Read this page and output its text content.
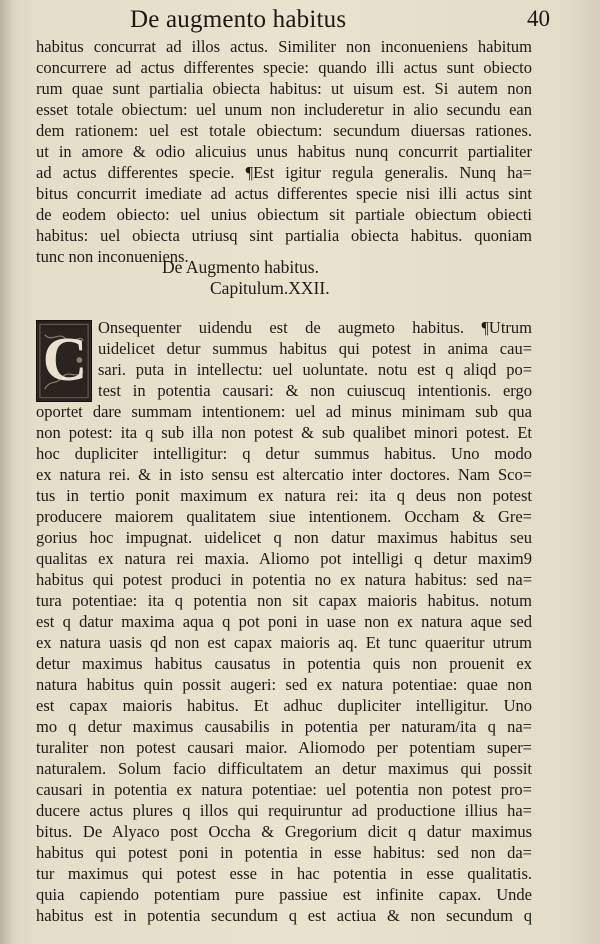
De augmento habitus	40
habitus concurrat ad illos actus. Similiter non inconueniens habitum
concurrere ad actus differentes specie: quando illi actus sunt obiecto
rum quae sunt partialia obiecta habitus: ut uisum est. Si autem non
esset totale obiectum: uel unum non includeretur in alio secundu ean
dem rationem: uel est totale obiectum: secundum diuersas rationes.
ut in amore & odio alicuius unus habitus nunq concurrit partialiter
ad actus differentes specie. ¶Est igitur regula generalis. Nunq ha=
bitus concurrit imediate ad actus differentes specie nisi illi actus sint
de eodem obiecto: uel unius obiectum sit partiale obiectum obiecti
habitus: uel obiecta utriusq sint partialia obiecta habitus. quoniam
tunc non inconueniens.
De Augmento habitus.
Capitulum.XXII.
C Onsequenter uidendu est de augmeto habitus. ¶Utrum
uidelicet detur summus habitus qui potest in anima cau=
sari. puta in intellectu: uel uoluntate. notu est q aliqd po=
test in potentia causari: & non cuiuscuq intentionis. ergo
oportet dare summam intentionem: uel ad minus minimam sub qua
non potest: ita q sub illa non potest & sub qualibet minori potest. Et
hoc dupliciter intelligitur: q detur summus habitus. Uno modo
ex natura rei. & in isto sensu est altercatio inter doctores. Nam Sco=
tus in tertio ponit maximum ex natura rei: ita q deus non potest
producere maiorem qualitatem siue intentionem. Occham & Gre=
gorius hoc impugnat. uidelicet q non datur maximus habitus seu
qualitas ex natura rei maxia. Aliomo pot intelligi q detur maxim9
habitus qui potest produci in potentia no ex natura habitus: sed na=
tura potentiae: ita q potentia non sit capax maioris habitus. notum
est q datur maxima aqua q pot poni in uase non ex natura aque sed
ex natura uasis qd non est capax maioris aq. Et tunc quaeritur utrum
detur maximus habitus causatus in potentia quis non prouenit ex
natura habitus quin possit augeri: sed ex natura potentiae: quae non
est capax maioris habitus. Et adhuc dupliciter intelligitur. Uno
mo q detur maximus causabilis in potentia per naturam/ita q na=
turaliter non potest causari maior. Aliomodo per potentiam super=
naturalem. Solum facio difficultatem an detur maximus qui possit
causari in potentia ex natura potentiae: uel potentia non potest pro=
ducere actus plures q illos qui requiruntur ad productione illius ha=
bitus. De Alyaco post Occha & Gregorium dicit q datur maximus
habitus qui potest poni in potentia in esse habitus: sed non da=
tur maximus qui potest esse in hac potentia in esse qualitatis.
quia capiendo potentiam pure passiue est infinite capax. Unde
habitus est in potentia secundum q est actiua & non secundum q
